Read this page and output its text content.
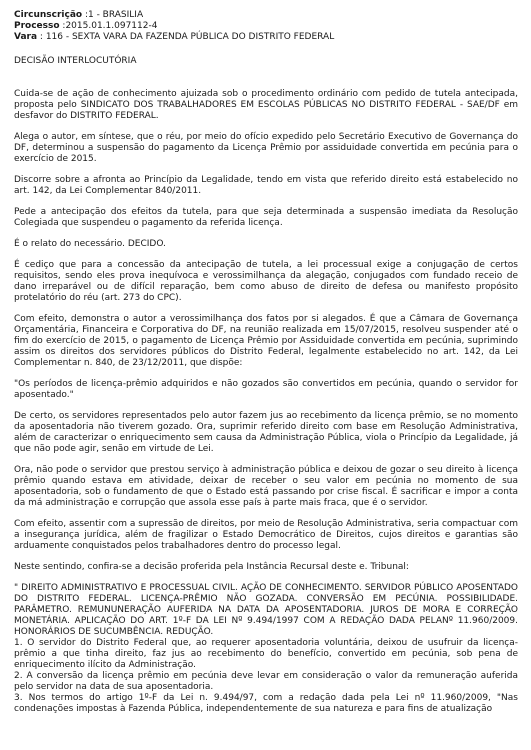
Circunscrição :1 - BRASILIA
Processo :2015.01.1.097112-4
Vara : 116 - SEXTA VARA DA FAZENDA PÚBLICA DO DISTRITO FEDERAL

DECISÃO INTERLOCUTÓRIA

Cuida-se de ação de conhecimento ajuizada sob o procedimento ordinário com pedido de tutela antecipada, proposta pelo SINDICATO DOS TRABALHADORES EM ESCOLAS PÚBLICAS NO DISTRITO FEDERAL - SAE/DF em desfavor do DISTRITO FEDERAL.

Alega o autor, em síntese, que o réu, por meio do ofício expedido pelo Secretário Executivo de Governança do DF, determinou a suspensão do pagamento da Licença Prêmio por assiduidade convertida em pecúnia para o exercício de 2015.

Discorre sobre a afronta ao Princípio da Legalidade, tendo em vista que referido direito está estabelecido no art. 142, da Lei Complementar 840/2011.

Pede a antecipação dos efeitos da tutela, para que seja determinada a suspensão imediata da Resolução Colegiada que suspendeu o pagamento da referida licença.

É o relato do necessário. DECIDO.

É cediço que para a concessão da antecipação de tutela, a lei processual exige a conjugação de certos requisitos, sendo eles prova inequívoca e verossimilhança da alegação, conjugados com fundado receio de dano irreparável ou de difícil reparação, bem como abuso de direito de defesa ou manifesto propósito protelatório do réu (art. 273 do CPC).

Com efeito, demonstra o autor a verossimilhança dos fatos por si alegados. É que a Câmara de Governança Orçamentária, Financeira e Corporativa do DF, na reunião realizada em 15/07/2015, resolveu suspender até o fim do exercício de 2015, o pagamento de Licença Prêmio por Assiduidade convertida em pecúnia, suprimindo assim os direitos dos servidores públicos do Distrito Federal, legalmente estabelecido no art. 142, da Lei Complementar n. 840, de 23/12/2011, que dispõe:

"Os períodos de licença-prêmio adquiridos e não gozados são convertidos em pecúnia, quando o servidor for aposentado."

De certo, os servidores representados pelo autor fazem jus ao recebimento da licença prêmio, se no momento da aposentadoria não tiverem gozado. Ora, suprimir referido direito com base em Resolução Administrativa, além de caracterizar o enriquecimento sem causa da Administração Pública, viola o Princípio da Legalidade, já que não pode agir, senão em virtude de Lei.

Ora, não pode o servidor que prestou serviço à administração pública e deixou de gozar o seu direito à licença prêmio quando estava em atividade, deixar de receber o seu valor em pecúnia no momento de sua aposentadoria, sob o fundamento de que o Estado está passando por crise fiscal. É sacrificar e impor a conta da má administração e corrupção que assola esse país à parte mais fraca, que é o servidor.

Com efeito, assentir com a supressão de direitos, por meio de Resolução Administrativa, seria compactuar com a insegurança jurídica, além de fragilizar o Estado Democrático de Direitos, cujos direitos e garantias são arduamente conquistados pelos trabalhadores dentro do processo legal.

Neste sentindo, confira-se a decisão proferida pela Instância Recursal deste e. Tribunal:

" DIREITO ADMINISTRATIVO E PROCESSUAL CIVIL. AÇÃO DE CONHECIMENTO. SERVIDOR PÚBLICO APOSENTADO DO DISTRITO FEDERAL. LICENÇA-PRÊMIO NÃO GOZADA. CONVERSÃO EM PECÚNIA. POSSIBILIDADE. PARÂMETRO. REMUNUNERAÇÃO AUFERIDA NA DATA DA APOSENTADORIA. JUROS DE MORA E CORREÇÃO MONETÁRIA. APLICAÇÃO DO ART. 1º-F DA LEI Nº 9.494/1997 COM A REDAÇÃO DADA PELANº 11.960/2009. HONORÁRIOS DE SUCUMBÊNCIA. REDUÇÃO.

1. O servidor do Distrito Federal que, ao requerer aposentadoria voluntária, deixou de usufruir da licença-prêmio a que tinha direito, faz jus ao recebimento do benefício, convertido em pecúnia, sob pena de enriquecimento ilícito da Administração.
2. A conversão da licença prêmio em pecúnia deve levar em consideração o valor da remuneração auferida pelo servidor na data de sua aposentadoria.
3. Nos termos do artigo 1º-F da Lei n. 9.494/97, com a redação dada pela Lei nº 11.960/2009, "Nas condenações impostas à Fazenda Pública, independentemente de sua natureza e para fins de atualização
